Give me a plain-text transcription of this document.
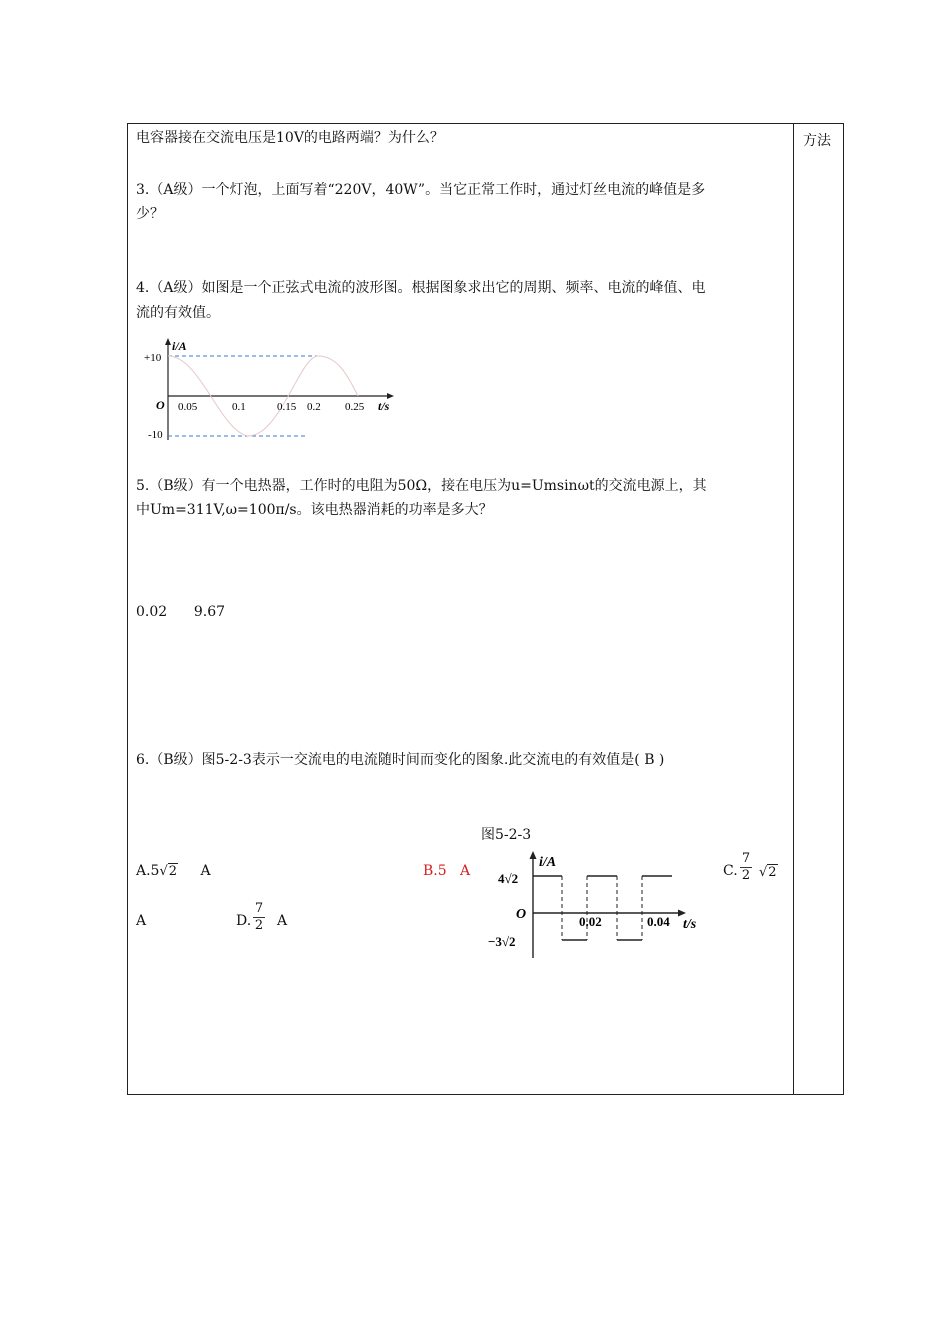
方法
电容器接在交流电压是10V的电路两端？为什么？
3.（A级）一个灯泡，上面写着“220V，40W”。当它正常工作时，通过灯丝电流的峰值是多
少？
4.（A级）如图是一个正弦式电流的波形图。根据图象求出它的周期、频率、电流的峰值、电
流的有效值。
i/A
+10
-10
O 0.05	0.1	0.15 0.2 0.25 t/s
5.（B级）有一个电热器，工作时的电阻为50Ω，接在电压为u=Umsinωt的交流电源上，其
中Um=311V,ω=100π/s。该电热器消耗的功率是多大？
0.02      9.67
6.（B级）图5-2-3表示一交流电的电流随时间而变化的图象.此交流电的有效值是( B )
图5-2-3
A.5√2 A	B.5   A	C.
7
2 √2
A	D.
7
2 A
i/A
4√2
−3√2
O	0.02	0.04 t/s
